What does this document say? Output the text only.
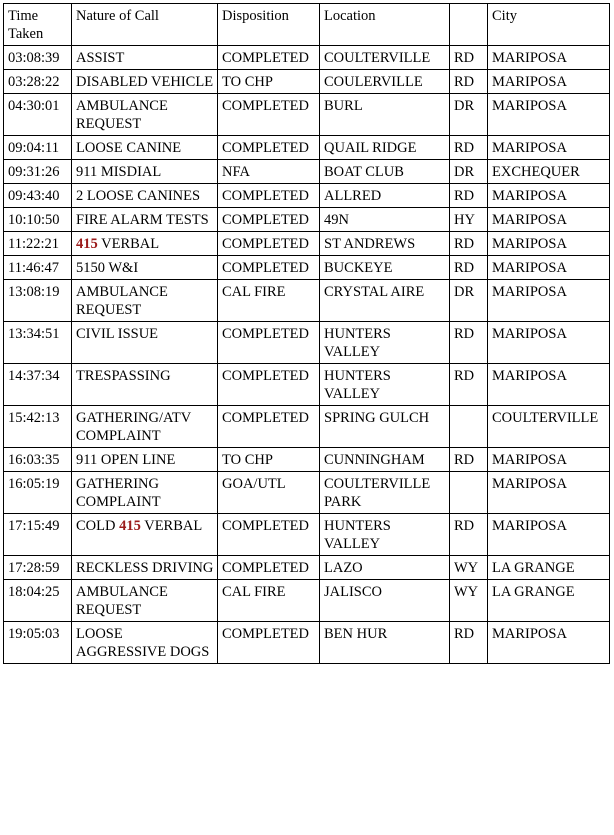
Time Taken	Nature of Call	Disposition	Location		City
03:08:39	ASSIST	COMPLETED	COULTERVILLE	RD	MARIPOSA
03:28:22	DISABLED VEHICLE	TO CHP	COULERVILLE	RD	MARIPOSA
04:30:01	AMBULANCE REQUEST	COMPLETED	BURL	DR	MARIPOSA
09:04:11	LOOSE CANINE	COMPLETED	QUAIL RIDGE	RD	MARIPOSA
09:31:26	911 MISDIAL	NFA	BOAT CLUB	DR	EXCHEQUER
09:43:40	2 LOOSE CANINES	COMPLETED	ALLRED	RD	MARIPOSA
10:10:50	FIRE ALARM TESTS	COMPLETED	49N	HY	MARIPOSA
11:22:21	415 VERBAL	COMPLETED	ST ANDREWS	RD	MARIPOSA
11:46:47	5150 W&I	COMPLETED	BUCKEYE	RD	MARIPOSA
13:08:19	AMBULANCE REQUEST	CAL FIRE	CRYSTAL AIRE	DR	MARIPOSA
13:34:51	CIVIL ISSUE	COMPLETED	HUNTERS VALLEY	RD	MARIPOSA
14:37:34	TRESPASSING	COMPLETED	HUNTERS VALLEY	RD	MARIPOSA
15:42:13	GATHERING/ATV COMPLAINT	COMPLETED	SPRING GULCH		COULTERVILLE
16:03:35	911 OPEN LINE	TO CHP	CUNNINGHAM	RD	MARIPOSA
16:05:19	GATHERING COMPLAINT	GOA/UTL	COULTERVILLE PARK		MARIPOSA
17:15:49	COLD 415 VERBAL	COMPLETED	HUNTERS VALLEY	RD	MARIPOSA
17:28:59	RECKLESS DRIVING	COMPLETED	LAZO	WY	LA GRANGE
18:04:25	AMBULANCE REQUEST	CAL FIRE	JALISCO	WY	LA GRANGE
19:05:03	LOOSE AGGRESSIVE DOGS	COMPLETED	BEN HUR	RD	MARIPOSA
